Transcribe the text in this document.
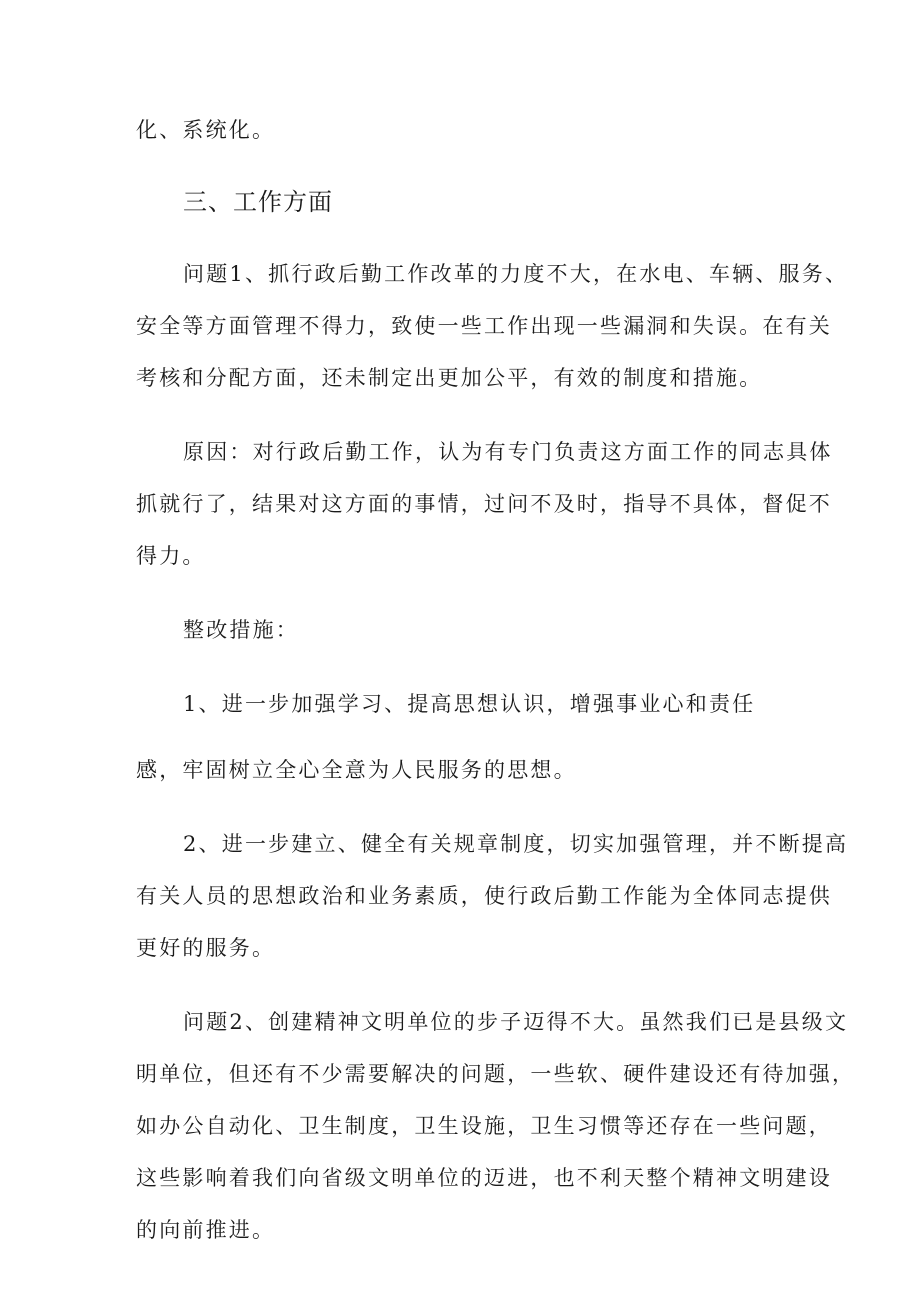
化、系统化。
三、工作方面
问题1、抓行政后勤工作改革的力度不大，在水电、车辆、服务、
安全等方面管理不得力，致使一些工作出现一些漏洞和失误。在有关
考核和分配方面，还未制定出更加公平，有效的制度和措施。
原因：对行政后勤工作，认为有专门负责这方面工作的同志具体
抓就行了，结果对这方面的事情，过问不及时，指导不具体，督促不
得力。
整改措施：
1、进一步加强学习、提高思想认识，增强事业心和责任
感，牢固树立全心全意为人民服务的思想。
2、进一步建立、健全有关规章制度，切实加强管理，并不断提高
有关人员的思想政治和业务素质，使行政后勤工作能为全体同志提供
更好的服务。
问题2、创建精神文明单位的步子迈得不大。虽然我们已是县级文
明单位，但还有不少需要解决的问题，一些软、硬件建设还有待加强，
如办公自动化、卫生制度，卫生设施，卫生习惯等还存在一些问题，
这些影响着我们向省级文明单位的迈进，也不利天整个精神文明建设
的向前推进。
